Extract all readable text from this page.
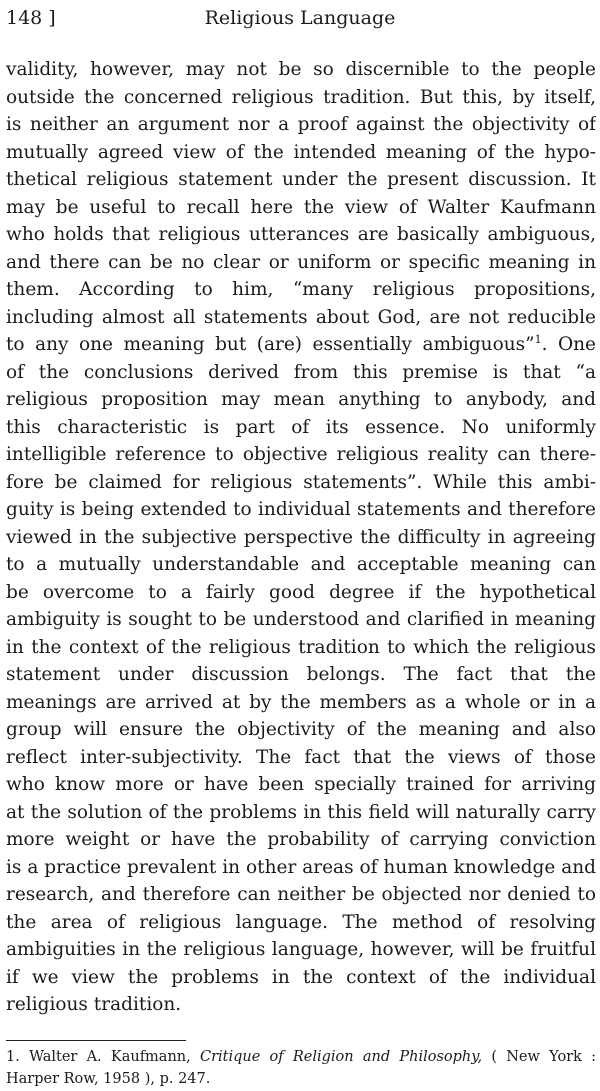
148 ]	Religious Language
validity, however, may not be so discernible to the people
outside the concerned religious tradition. But this, by itself,
is neither an argument nor a proof against the objectivity of
mutually agreed view of the intended meaning of the hypo-
thetical religious statement under the present discussion. It
may be useful to recall here the view of Walter Kaufmann
who holds that religious utterances are basically ambiguous,
and there can be no clear or uniform or specific meaning in
them. According to him, “many religious propositions,
including almost all statements about God, are not reducible
to any one meaning but (are) essentially ambiguous”$^1$. One
of the conclusions derived from this premise is that “a
religious proposition may mean anything to anybody, and
this characteristic is part of its essence. No uniformly
intelligible reference to objective religious reality can there-
fore be claimed for religious statements”. While this ambi-
guity is being extended to individual statements and therefore
viewed in the subjective perspective the difficulty in agreeing
to a mutually understandable and acceptable meaning can
be overcome to a fairly good degree if the hypothetical
ambiguity is sought to be understood and clarified in meaning
in the context of the religious tradition to which the religious
statement under discussion belongs. The fact that the
meanings are arrived at by the members as a whole or in a
group will ensure the objectivity of the meaning and also
reflect inter-subjectivity. The fact that the views of those
who know more or have been specially trained for arriving
at the solution of the problems in this field will naturally carry
more weight or have the probability of carrying conviction
is a practice prevalent in other areas of human knowledge and
research, and therefore can neither be objected nor denied to
the area of religious language. The method of resolving
ambiguities in the religious language, however, will be fruitful
if we view the problems in the context of the individual
religious tradition.
1. Walter A. Kaufmann, Critique of Religion and Philosophy, ( New York :
Harper Row, 1958 ), p. 247.
